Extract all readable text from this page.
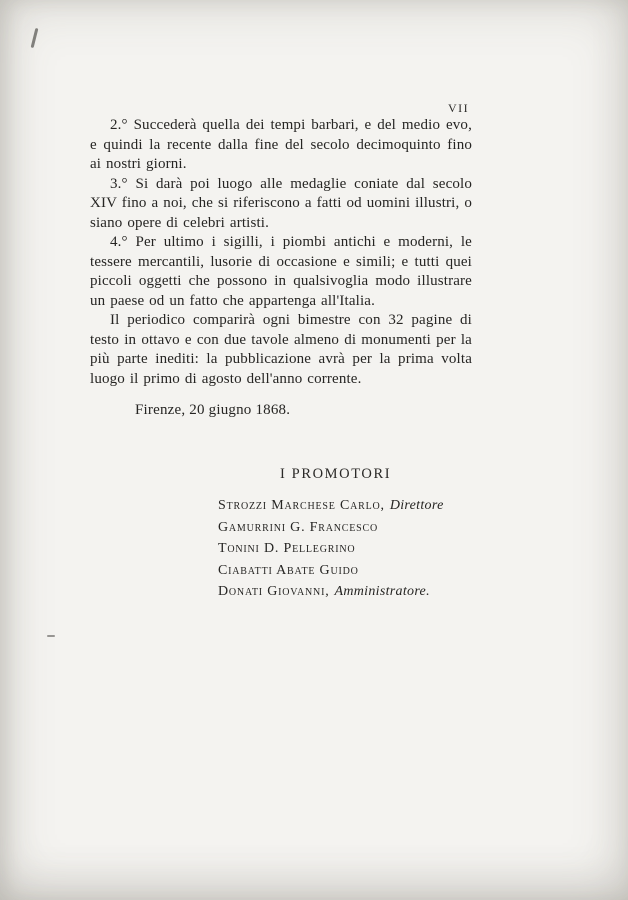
VII

2.° Succederà quella dei tempi barbari, e del medio evo, e quindi la recente dalla fine del secolo decimoquinto fino ai nostri giorni.

3.° Si darà poi luogo alle medaglie coniate dal secolo XIV fino a noi, che si riferiscono a fatti od uomini illustri, o siano opere di celebri artisti.

4.° Per ultimo i sigilli, i piombi antichi e moderni, le tessere mercantili, lusorie di occasione e simili; e tutti quei piccoli oggetti che possono in qualsivoglia modo illustrare un paese od un fatto che appartenga all'Italia.

Il periodico comparirà ogni bimestre con 32 pagine di testo in ottavo e con due tavole almeno di monumenti per la più parte inediti: la pubblicazione avrà per la prima volta luogo il primo di agosto dell'anno corrente.

Firenze, 20 giugno 1868.

I PROMOTORI
Strozzi Marchese Carlo, Direttore
Gamurrini G. Francesco
Tonini D. Pellegrino
Ciabatti Abate Guido
Donati Giovanni, Amministratore.
